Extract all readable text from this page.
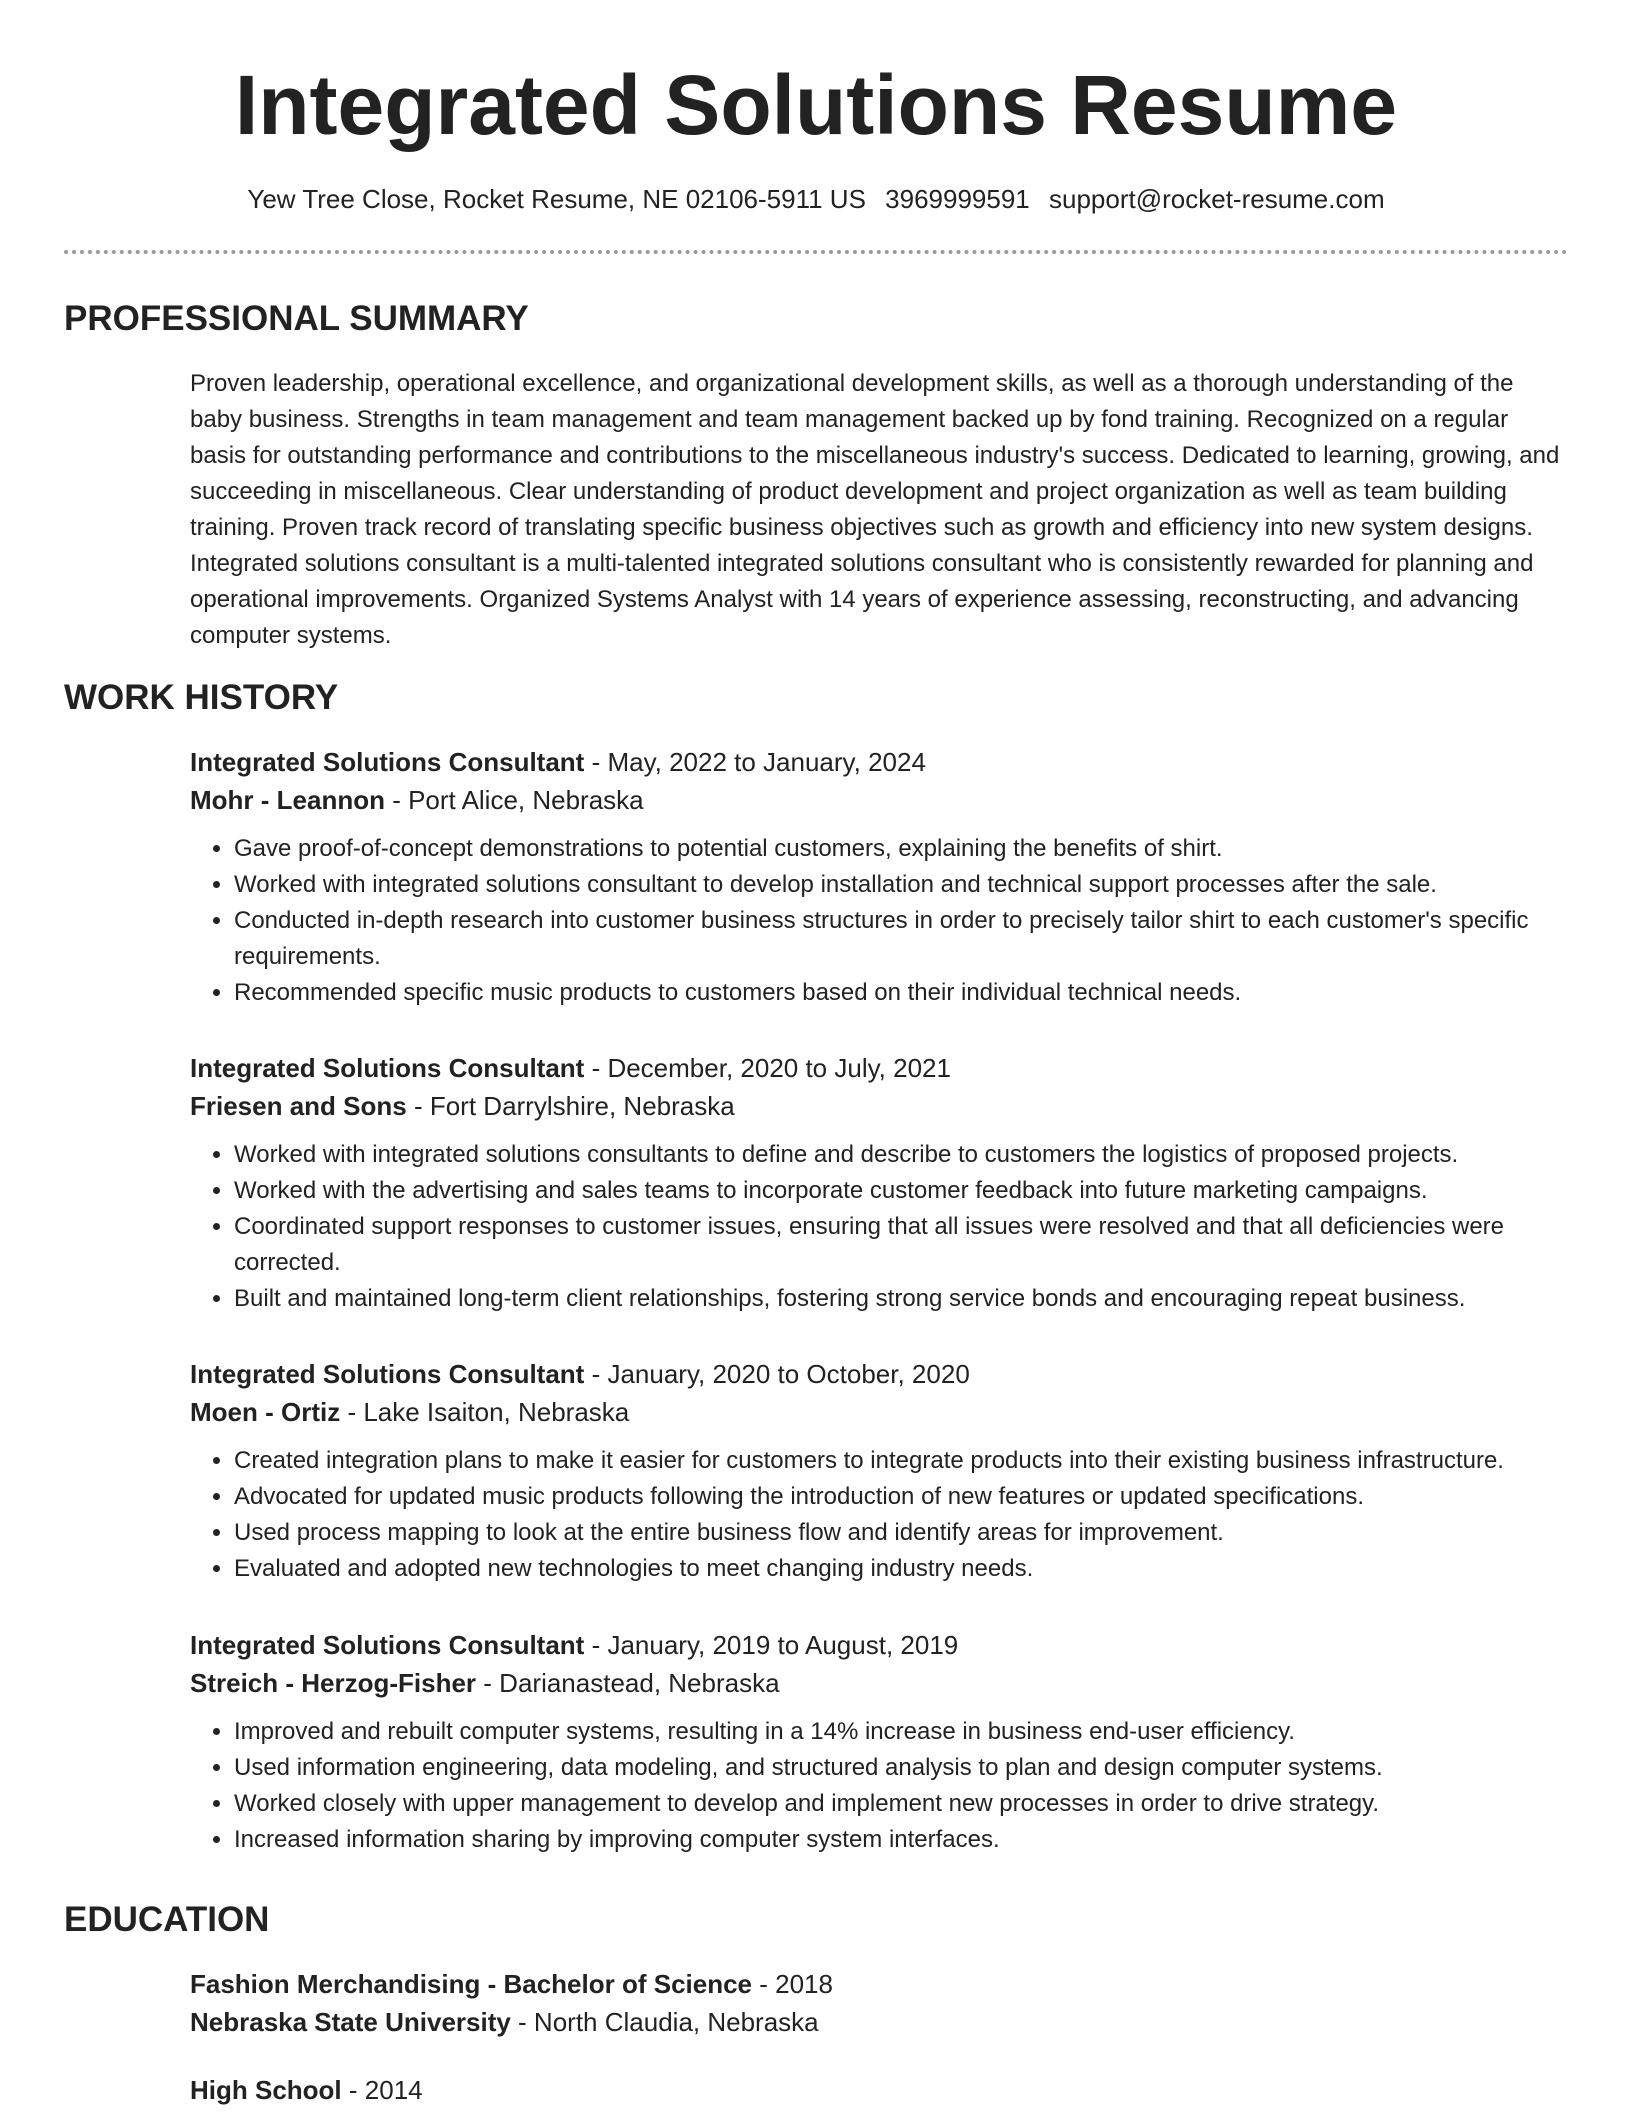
Integrated Solutions Resume
Yew Tree Close, Rocket Resume, NE 02106-5911 US 3969999591 support@rocket-resume.com
PROFESSIONAL SUMMARY

Proven leadership, operational excellence, and organizational development skills, as well as a thorough understanding of the baby business. Strengths in team management and team management backed up by fond training. Recognized on a regular basis for outstanding performance and contributions to the miscellaneous industry's success. Dedicated to learning, growing, and succeeding in miscellaneous. Clear understanding of product development and project organization as well as team building training. Proven track record of translating specific business objectives such as growth and efficiency into new system designs. Integrated solutions consultant is a multi-talented integrated solutions consultant who is consistently rewarded for planning and operational improvements. Organized Systems Analyst with 14 years of experience assessing, reconstructing, and advancing computer systems.

WORK HISTORY
Integrated Solutions Consultant - May, 2022 to January, 2024
Mohr - Leannon - Port Alice, Nebraska
• Gave proof-of-concept demonstrations to potential customers, explaining the benefits of shirt.
• Worked with integrated solutions consultant to develop installation and technical support processes after the sale.
• Conducted in-depth research into customer business structures in order to precisely tailor shirt to each customer's specific requirements.
• Recommended specific music products to customers based on their individual technical needs.
Integrated Solutions Consultant - December, 2020 to July, 2021
Friesen and Sons - Fort Darrylshire, Nebraska
• Worked with integrated solutions consultants to define and describe to customers the logistics of proposed projects.
• Worked with the advertising and sales teams to incorporate customer feedback into future marketing campaigns.
• Coordinated support responses to customer issues, ensuring that all issues were resolved and that all deficiencies were corrected.
• Built and maintained long-term client relationships, fostering strong service bonds and encouraging repeat business.
Integrated Solutions Consultant - January, 2020 to October, 2020
Moen - Ortiz - Lake Isaiton, Nebraska
• Created integration plans to make it easier for customers to integrate products into their existing business infrastructure.
• Advocated for updated music products following the introduction of new features or updated specifications.
• Used process mapping to look at the entire business flow and identify areas for improvement.
• Evaluated and adopted new technologies to meet changing industry needs.
Integrated Solutions Consultant - January, 2019 to August, 2019
Streich - Herzog-Fisher - Darianastead, Nebraska
• Improved and rebuilt computer systems, resulting in a 14% increase in business end-user efficiency.
• Used information engineering, data modeling, and structured analysis to plan and design computer systems.
• Worked closely with upper management to develop and implement new processes in order to drive strategy.
• Increased information sharing by improving computer system interfaces.
EDUCATION
Fashion Merchandising - Bachelor of Science - 2018
Nebraska State University - North Claudia, Nebraska
High School - 2014
